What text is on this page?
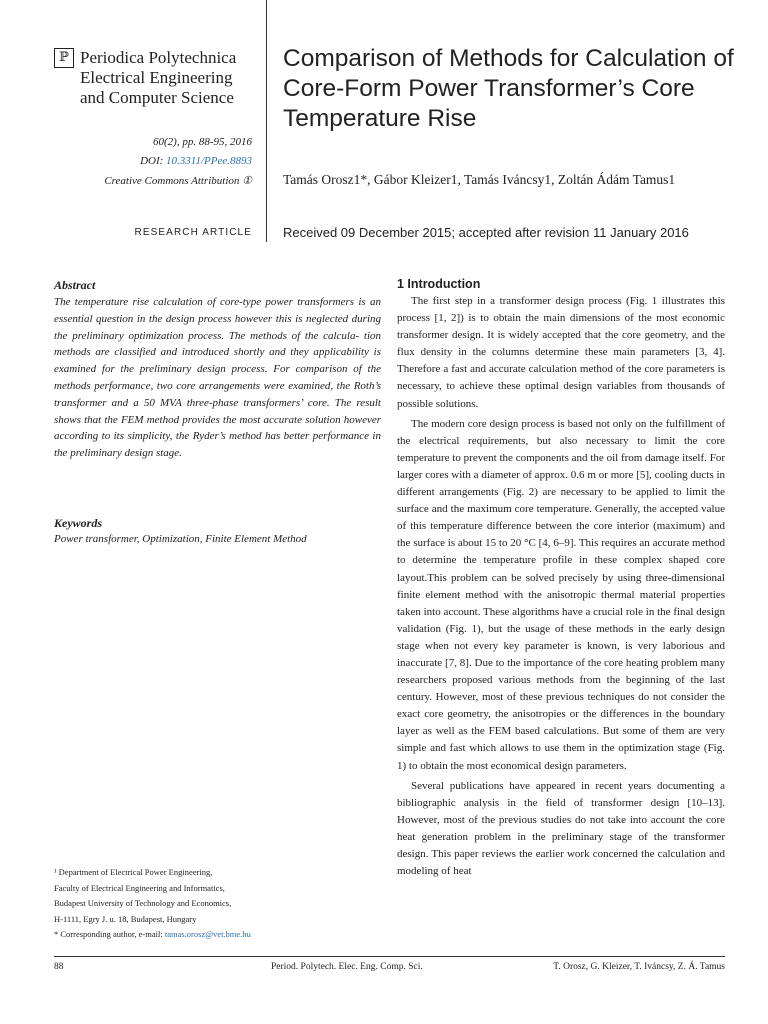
ℙ Periodica Polytechnica
Electrical Engineering
and Computer Science
60(2), pp. 88-95, 2016
DOI: 10.3311/PPee.8893
Creative Commons Attribution ①
RESEARCH ARTICLE
Comparison of Methods for Calculation of Core-Form Power Transformer’s Core Temperature Rise
Tamás Orosz1*, Gábor Kleizer1, Tamás Iváncsy1, Zoltán Ádám Tamus1
Received 09 December 2015; accepted after revision 11 January 2016
Abstract
The temperature rise calculation of core-type power transformers is an essential question in the design process however this is neglected during the preliminary optimization process. The methods of the calcula- tion methods are classified and introduced shortly and they applicability is examined for the preliminary design process. For comparison of the methods performance, two core arrangements were examined, the Roth’s transformer and a 50 MVA three-phase transformers’ core. The result shows that the FEM method provides the most accurate solution however according to its simplicity, the Ryder’s method has better performance in the preliminary design stage.
Keywords
Power transformer, Optimization, Finite Element Method
¹ Department of Electrical Power Engineering,
Faculty of Electrical Engineering and Informatics,
Budapest University of Technology and Economics,
H-1111, Egry J. u. 18, Budapest, Hungary
* Corresponding author, e-mail: tamas.orosz@vet.bme.hu
1 Introduction

The first step in a transformer design process (Fig. 1 illustrates this process [1, 2]) is to obtain the main dimensions of the most economic transformer design. It is widely accepted that the core geometry, and the flux density in the columns determine these main parameters [3, 4]. Therefore a fast and accurate calculation method of the core parameters is necessary, to achieve these optimal design variables from thousands of possible solutions.

The modern core design process is based not only on the fulfillment of the electrical requirements, but also necessary to limit the core temperature to prevent the components and the oil from damage itself. For larger cores with a diameter of approx. 0.6 m or more [5], cooling ducts in different arrangements (Fig. 2) are necessary to be applied to limit the surface and the maximum core temperature. Generally, the accepted value of this temperature difference between the core interior (maximum) and the surface is about 15 to 20 °C [4, 6–9]. This requires an accurate method to determine the temperature profile in these complex shaped core layout.This problem can be solved precisely by using three-dimensional finite element method with the anisotropic thermal material properties taken into account. These algorithms have a crucial role in the final design validation (Fig. 1), but the usage of these methods in the early design stage when not every key parameter is known, is very laborious and inaccurate [7, 8]. Due to the importance of the core heating problem many researchers proposed various methods from the beginning of the last century. However, most of these previous techniques do not consider the exact core geometry, the anisotropies or the differences in the boundary layer as well as the FEM based calculations. But some of them are very simple and fast which allows to use them in the optimization stage (Fig. 1) to obtain the most economical design parameters.

Several publications have appeared in recent years documenting a bibliographic analysis in the field of transformer design [10–13]. However, most of the previous studies do not take into account the core heat generation problem in the preliminary stage of the transformer design. This paper reviews the earlier work concerned the calculation and modeling of heat

88	Period. Polytech. Elec. Eng. Comp. Sci.	T. Orosz, G. Kleizer, T. Iváncsy, Z. Á. Tamus
